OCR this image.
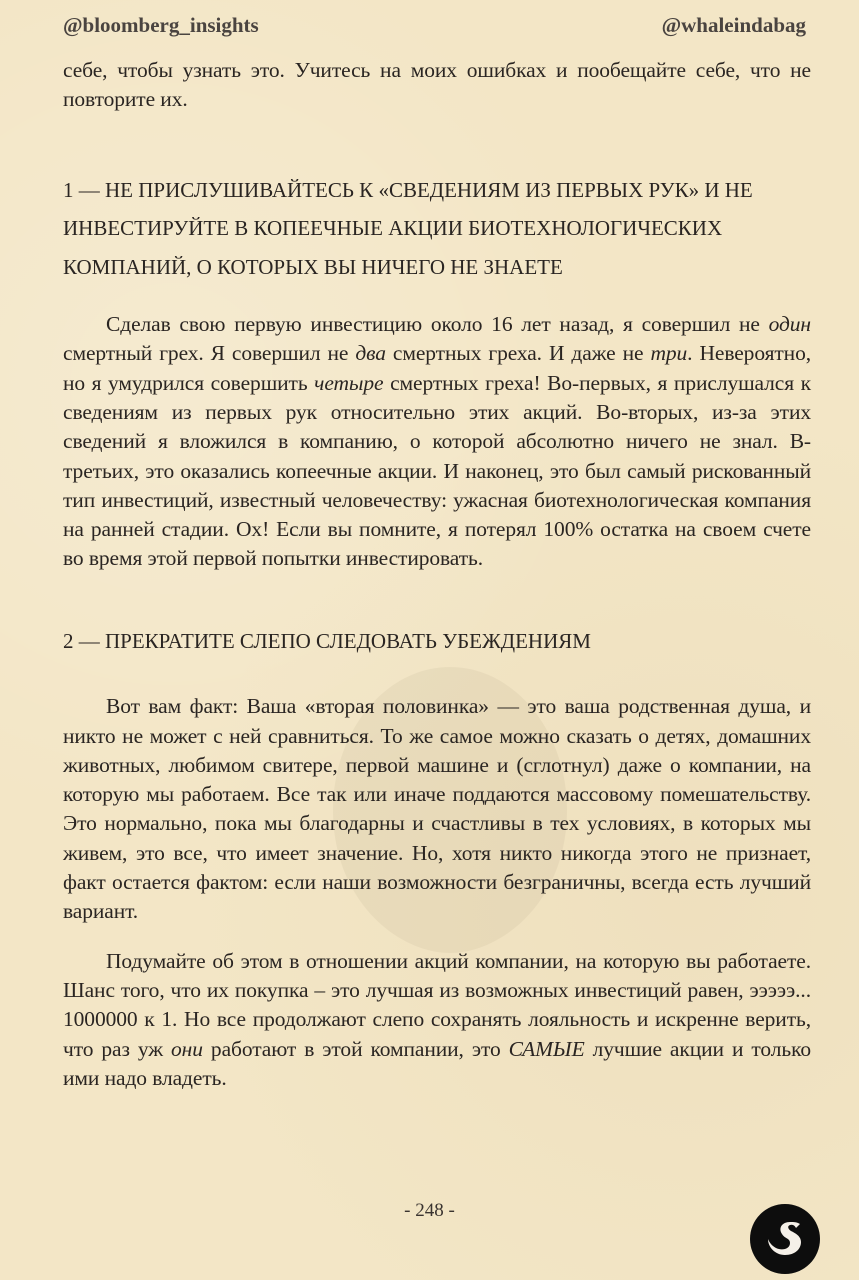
@bloomberg_insights	@whaleindabag

себе, чтобы узнать это. Учитесь на моих ошибках и пообещайте себе, что не повторите их.

1 — НЕ ПРИСЛУШИВАЙТЕСЬ К «СВЕДЕНИЯМ ИЗ ПЕРВЫХ РУК» И НЕ ИНВЕСТИРУЙТЕ В КОПЕЕЧНЫЕ АКЦИИ БИОТЕХНОЛОГИЧЕСКИХ КОМПАНИЙ, О КОТОРЫХ ВЫ НИЧЕГО НЕ ЗНАЕТЕ

Сделав свою первую инвестицию около 16 лет назад, я совершил не один смертный грех. Я совершил не два смертных греха. И даже не три. Невероятно, но я умудрился совершить четыре смертных греха! Во-первых, я прислушался к сведениям из первых рук относительно этих акций. Во-вторых, из-за этих сведений я вложился в компанию, о которой абсолютно ничего не знал. В-третьих, это оказались копеечные акции. И наконец, это был самый рискованный тип инвестиций, известный человечеству: ужасная биотехнологическая компания на ранней стадии. Ох! Если вы помните, я потерял 100% остатка на своем счете во время этой первой попытки инвестировать.

2 — ПРЕКРАТИТЕ СЛЕПО СЛЕДОВАТЬ УБЕЖДЕНИЯМ

Вот вам факт: Ваша «вторая половинка» — это ваша родственная душа, и никто не может с ней сравниться. То же самое можно сказать о детях, домашних животных, любимом свитере, первой машине и (сглотнул) даже о компании, на которую мы работаем. Все так или иначе поддаются массовому помешательству. Это нормально, пока мы благодарны и счастливы в тех условиях, в которых мы живем, это все, что имеет значение. Но, хотя никто никогда этого не признает, факт остается фактом: если наши возможности безграничны, всегда есть лучший вариант.

Подумайте об этом в отношении акций компании, на которую вы работаете. Шанс того, что их покупка – это лучшая из возможных инвестиций равен, эээээ... 1000000 к 1. Но все продолжают слепо сохранять лояльность и искренне верить, что раз уж они работают в этой компании, это САМЫЕ лучшие акции и только ими надо владеть.

- 248 -
